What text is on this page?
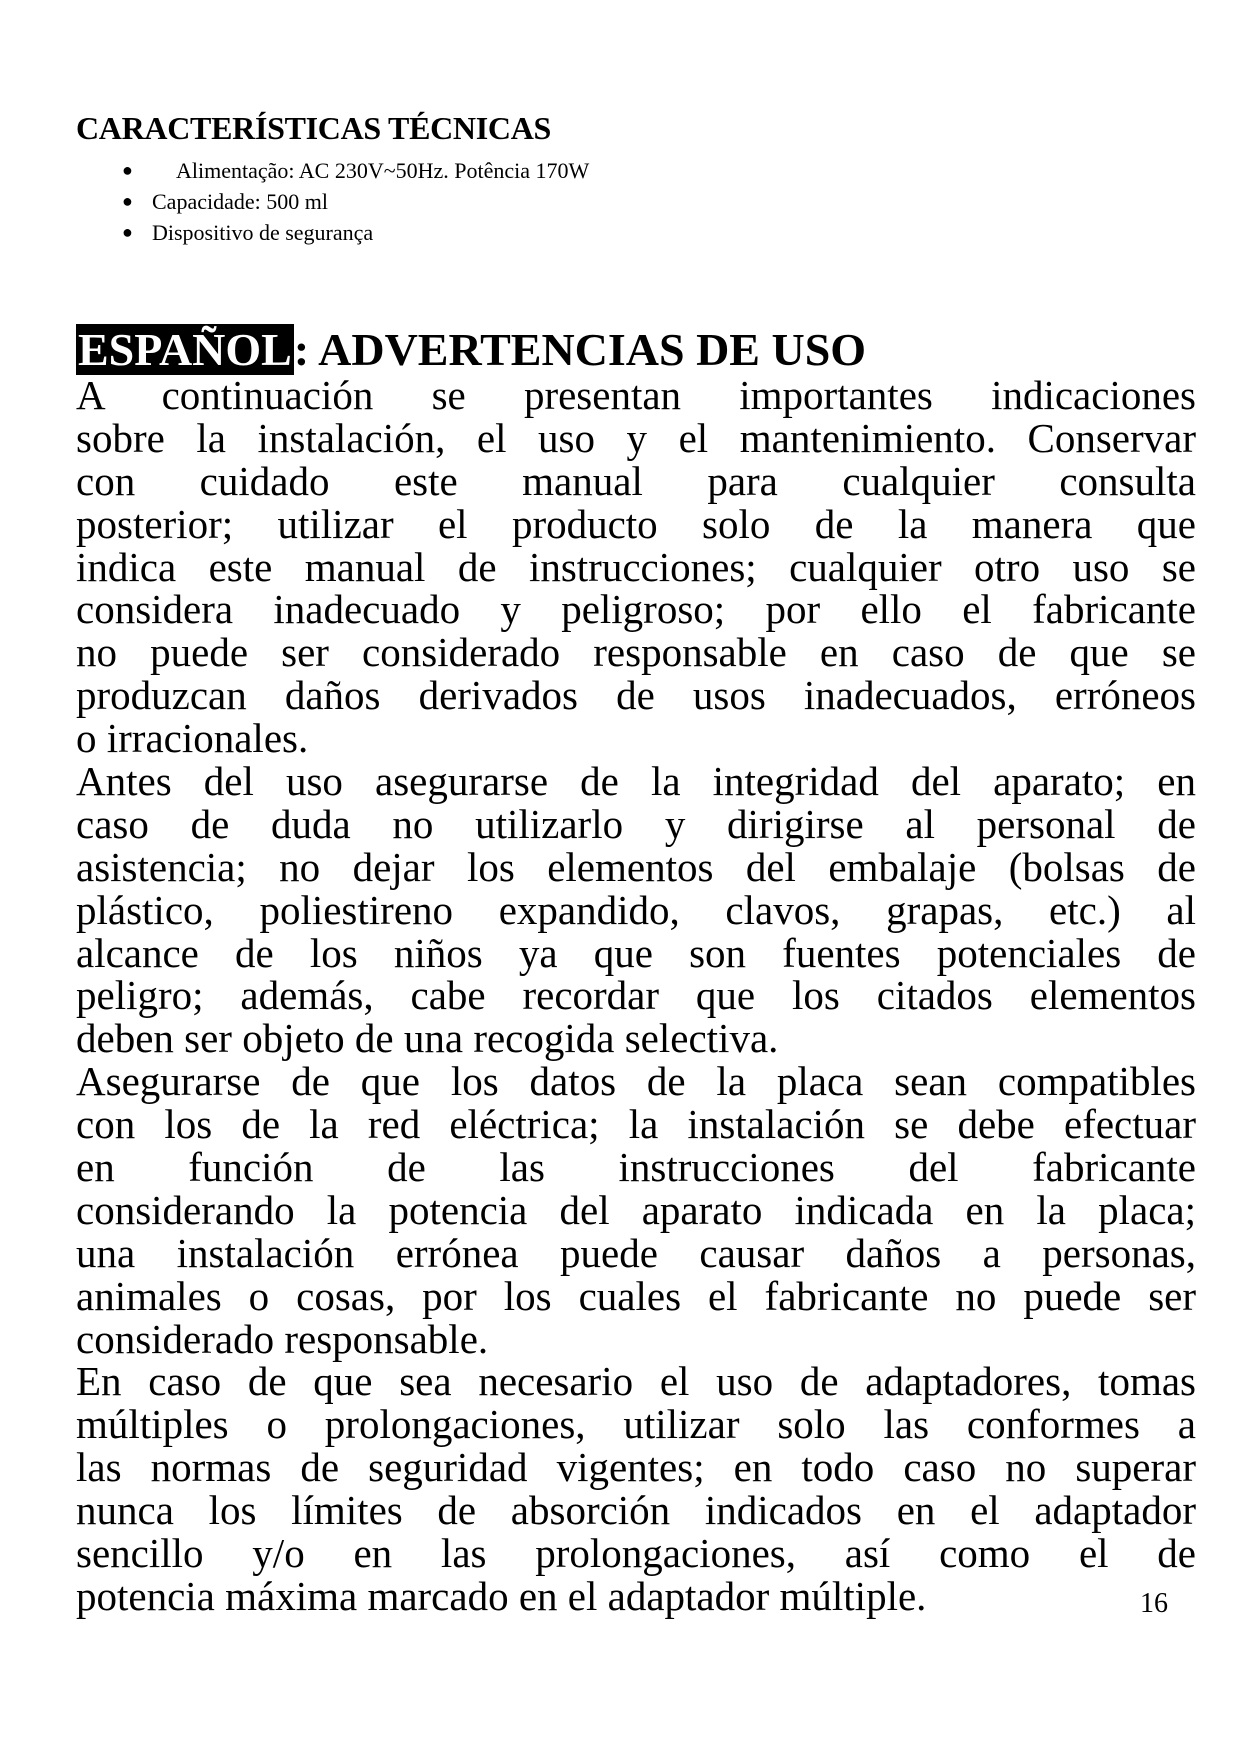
CARACTERÍSTICAS TÉCNICAS
● Alimentação: AC 230V~50Hz. Potência 170W
● Capacidade: 500 ml
● Dispositivo de segurança
ESPAÑOL: ADVERTENCIAS DE USO
A continuación se presentan importantes indicaciones
sobre la instalación, el uso y el mantenimiento. Conservar
con cuidado este manual para cualquier consulta
posterior; utilizar el producto solo de la manera que
indica este manual de instrucciones; cualquier otro uso se
considera inadecuado y peligroso; por ello el fabricante
no puede ser considerado responsable en caso de que se
produzcan daños derivados de usos inadecuados, erróneos
o irracionales.
Antes del uso asegurarse de la integridad del aparato; en
caso de duda no utilizarlo y dirigirse al personal de
asistencia; no dejar los elementos del embalaje (bolsas de
plástico, poliestireno expandido, clavos, grapas, etc.) al
alcance de los niños ya que son fuentes potenciales de
peligro; además, cabe recordar que los citados elementos
deben ser objeto de una recogida selectiva.
Asegurarse de que los datos de la placa sean compatibles
con los de la red eléctrica; la instalación se debe efectuar
en función de las instrucciones del fabricante
considerando la potencia del aparato indicada en la placa;
una instalación errónea puede causar daños a personas,
animales o cosas, por los cuales el fabricante no puede ser
considerado responsable.
En caso de que sea necesario el uso de adaptadores, tomas
múltiples o prolongaciones, utilizar solo las conformes a
las normas de seguridad vigentes; en todo caso no superar
nunca los límites de absorción indicados en el adaptador
sencillo y/o en las prolongaciones, así como el de
potencia máxima marcado en el adaptador múltiple.	16
